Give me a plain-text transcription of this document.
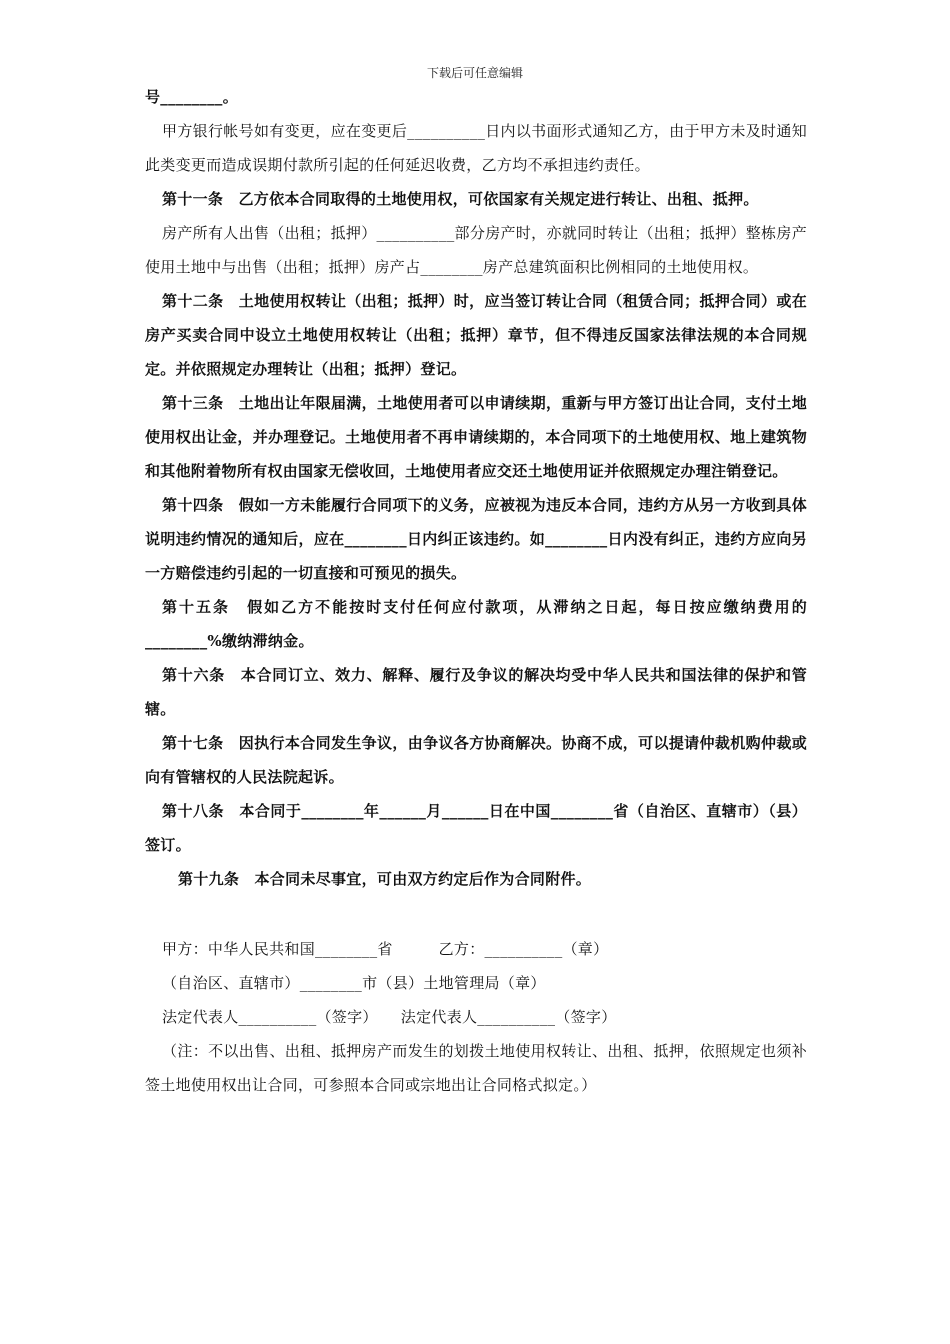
下载后可任意编辑

号________。

甲方银行帐号如有变更，应在变更后__________日内以书面形式通知乙方，由于甲方未及时通知此类变更而造成误期付款所引起的任何延迟收费，乙方均不承担违约责任。

第十一条　乙方依本合同取得的土地使用权，可依国家有关规定进行转让、出租、抵押。

房产所有人出售（出租；抵押）__________部分房产时，亦就同时转让（出租；抵押）整栋房产使用土地中与出售（出租；抵押）房产占________房产总建筑面积比例相同的土地使用权。

第十二条　土地使用权转让（出租；抵押）时，应当签订转让合同（租赁合同；抵押合同）或在房产买卖合同中设立土地使用权转让（出租；抵押）章节，但不得违反国家法律法规的本合同规定。并依照规定办理转让（出租；抵押）登记。

第十三条　土地出让年限届满，土地使用者可以申请续期，重新与甲方签订出让合同，支付土地使用权出让金，并办理登记。土地使用者不再申请续期的，本合同项下的土地使用权、地上建筑物和其他附着物所有权由国家无偿收回，土地使用者应交还土地使用证并依照规定办理注销登记。

第十四条　假如一方未能履行合同项下的义务，应被视为违反本合同，违约方从另一方收到具体说明违约情况的通知后，应在________日内纠正该违约。如________日内没有纠正，违约方应向另一方赔偿违约引起的一切直接和可预见的损失。

第十五条　假如乙方不能按时支付任何应付款项，从滞纳之日起，每日按应缴纳费用的________%缴纳滞纳金。

第十六条　本合同订立、效力、解释、履行及争议的解决均受中华人民共和国法律的保护和管辖。

第十七条　因执行本合同发生争议，由争议各方协商解决。协商不成，可以提请仲裁机购仲裁或向有管辖权的人民法院起诉。

第十八条　本合同于________年______月______日在中国________省（自治区、直辖市）（县）签订。

第十九条　本合同未尽事宜，可由双方约定后作为合同附件。

甲方：中华人民共和国________省　　　乙方：__________（章）

（自治区、直辖市）________市（县）土地管理局（章）

法定代表人__________（签字）　　法定代表人__________（签字）

（注：不以出售、出租、抵押房产而发生的划拨土地使用权转让、出租、抵押，依照规定也须补签土地使用权出让合同，可参照本合同或宗地出让合同格式拟定。）
